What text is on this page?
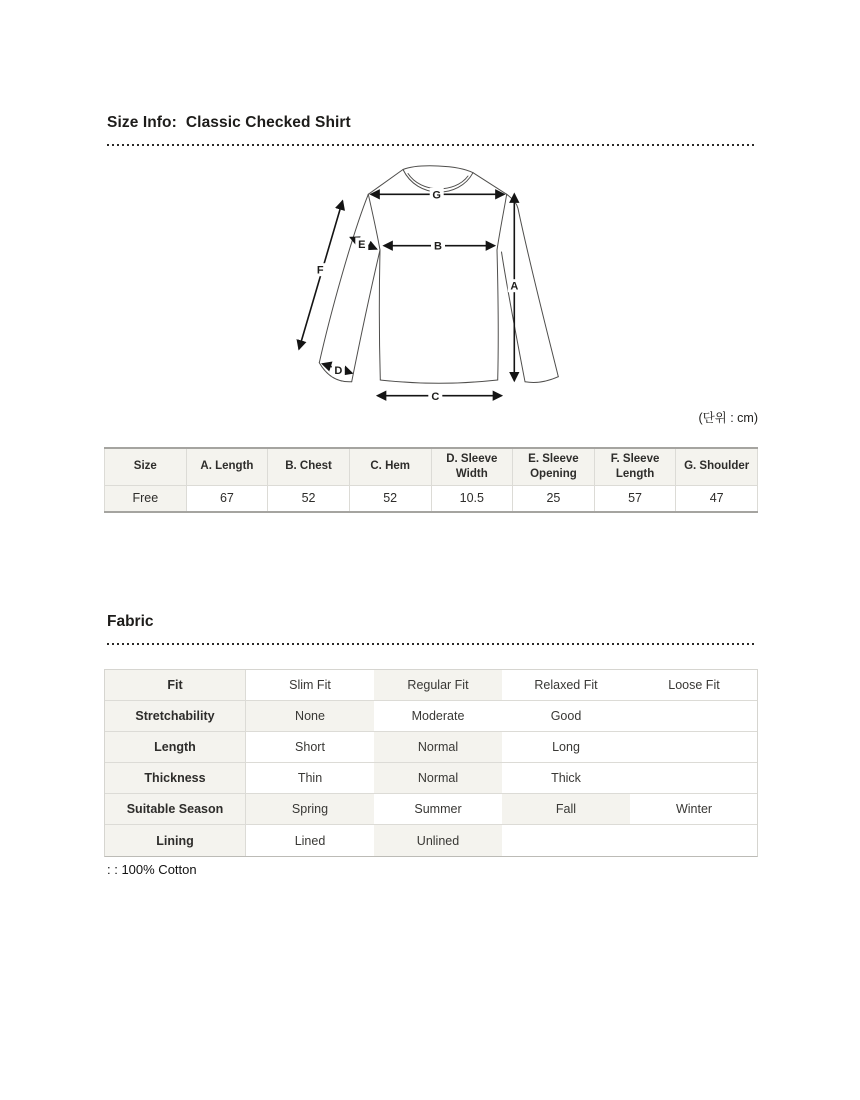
Size Info: Classic Checked Shirt
G
B
E
F
A
D
C
(단위 : cm)
Size	A. Length	B. Chest	C. Hem	D. Sleeve Width	E. Sleeve Opening	F. Sleeve Length	G. Shoulder
Free	67	52	52	10.5	25	57	47
Fabric
Fit	Slim Fit	Regular Fit	Relaxed Fit	Loose Fit
Stretchability	None	Moderate	Good
Length	Short	Normal	Long
Thickness	Thin	Normal	Thick
Suitable Season	Spring	Summer	Fall	Winter
Lining	Lined	Unlined
: : 100% Cotton
